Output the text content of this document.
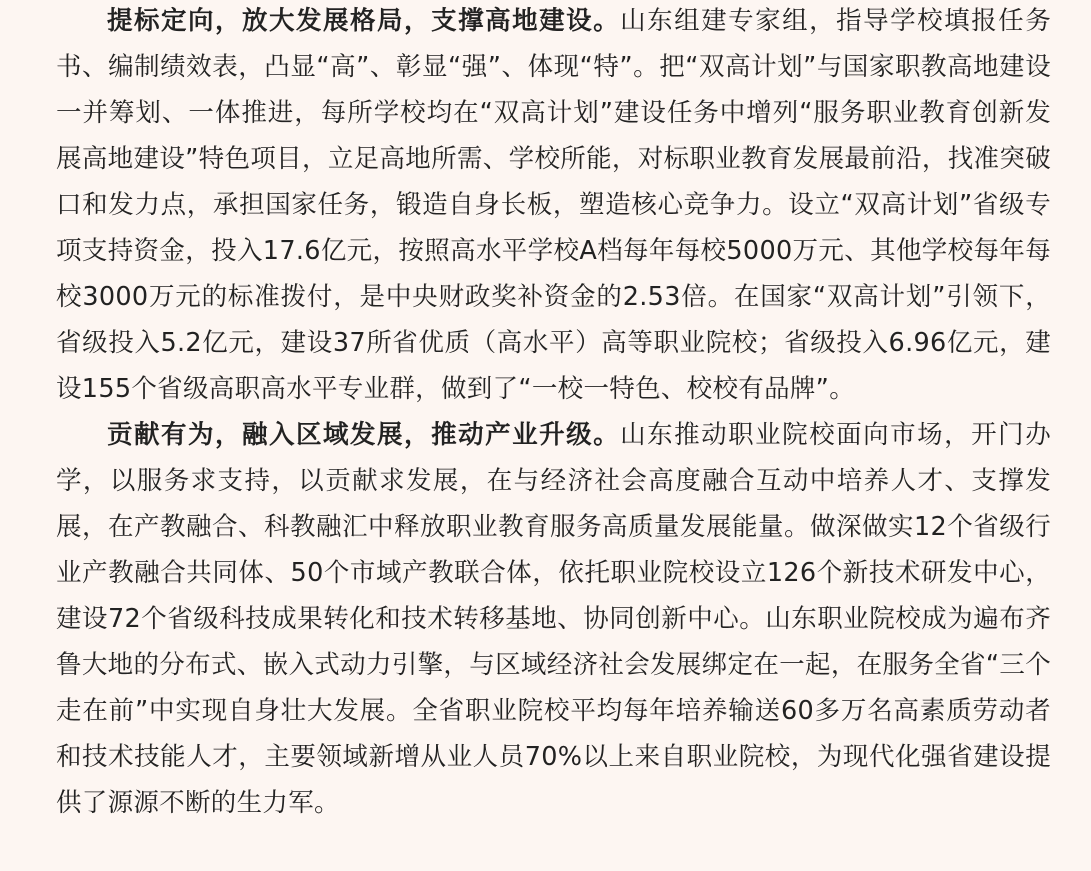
提标定向，放大发展格局，支撑高地建设。山东组建专家组，指导学校填报任务书、编制绩效表，凸显“高”、彰显“强”、体现“特”。把“双高计划”与国家职教高地建设一并筹划、一体推进，每所学校均在“双高计划”建设任务中增列“服务职业教育创新发展高地建设”特色项目，立足高地所需、学校所能，对标职业教育发展最前沿，找准突破口和发力点，承担国家任务，锻造自身长板，塑造核心竞争力。设立“双高计划”省级专项支持资金，投入17.6亿元，按照高水平学校A档每年每校5000万元、其他学校每年每校3000万元的标准拨付，是中央财政奖补资金的2.53倍。在国家“双高计划”引领下，省级投入5.2亿元，建设37所省优质（高水平）高等职业院校；省级投入6.96亿元，建设155个省级高职高水平专业群，做到了“一校一特色、校校有品牌”。

贡献有为，融入区域发展，推动产业升级。山东推动职业院校面向市场，开门办学，以服务求支持，以贡献求发展，在与经济社会高度融合互动中培养人才、支撑发展，在产教融合、科教融汇中释放职业教育服务高质量发展能量。做深做实12个省级行业产教融合共同体、50个市域产教联合体，依托职业院校设立126个新技术研发中心，建设72个省级科技成果转化和技术转移基地、协同创新中心。山东职业院校成为遍布齐鲁大地的分布式、嵌入式动力引擎，与区域经济社会发展绑定在一起，在服务全省“三个走在前”中实现自身壮大发展。全省职业院校平均每年培养输送60多万名高素质劳动者和技术技能人才，主要领域新增从业人员70%以上来自职业院校，为现代化强省建设提供了源源不断的生力军。
